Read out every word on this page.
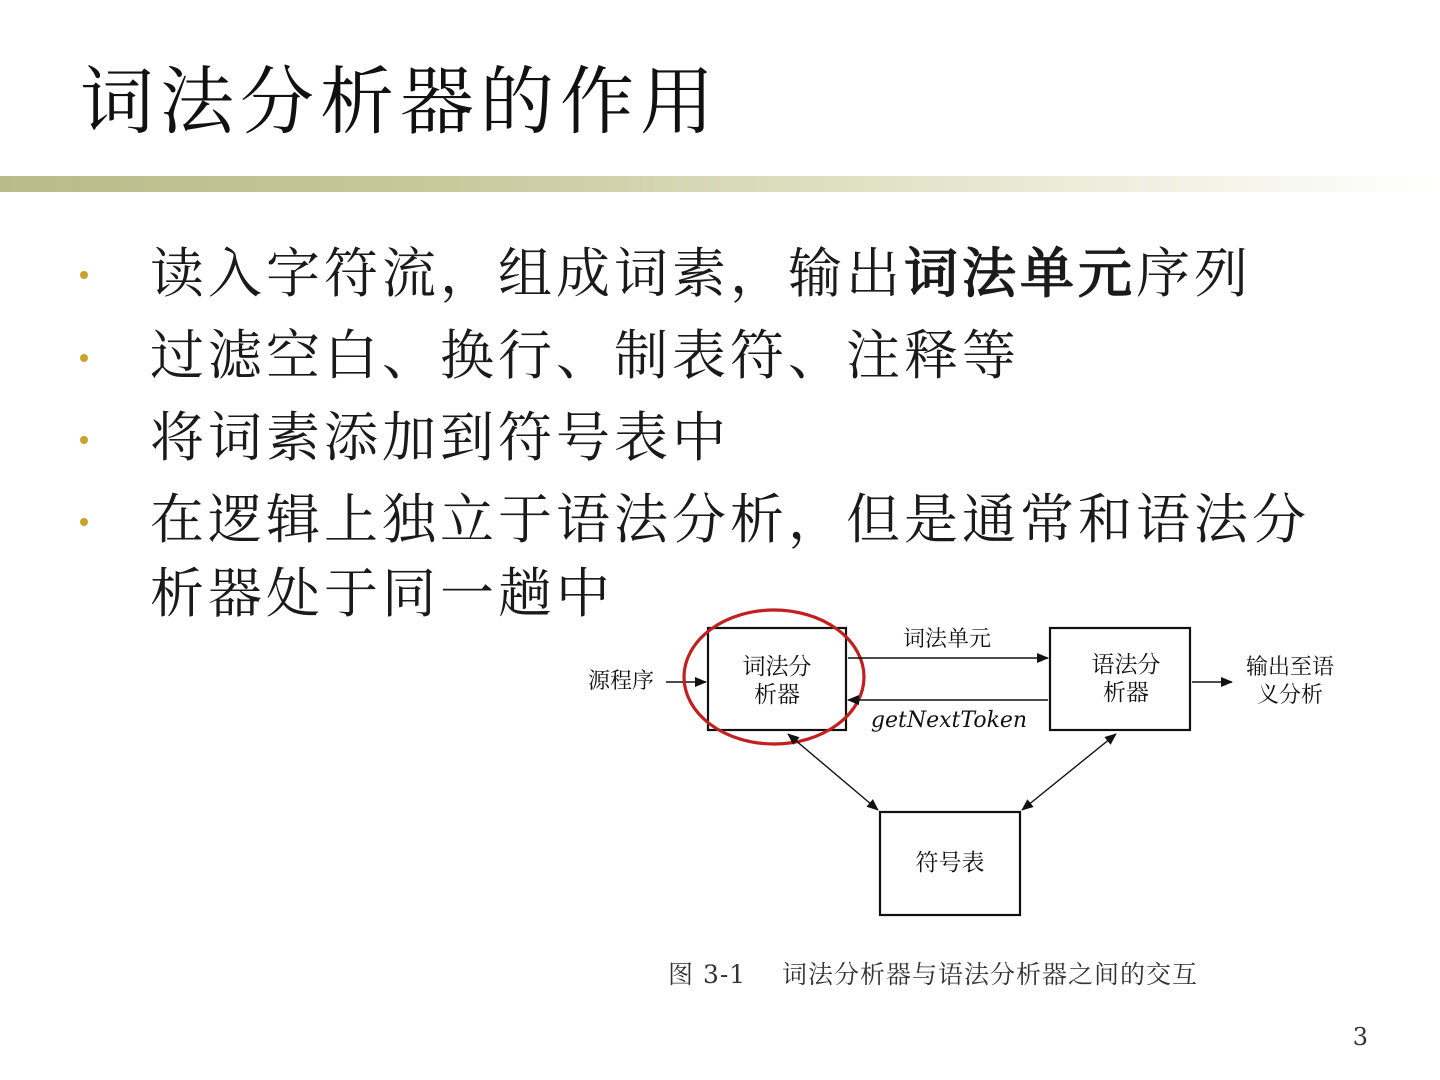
词法分析器的作用
读入字符流，组成词素，输出词法单元序列
过滤空白、换行、制表符、注释等
将词素添加到符号表中
在逻辑上独立于语法分析，但是通常和语法分析器处于同一趟中
源程序
词法分
析器
词法单元
getNextToken
语法分
析器
输出至语
义分析
符号表
图 3-1    词法分析器与语法分析器之间的交互
3
